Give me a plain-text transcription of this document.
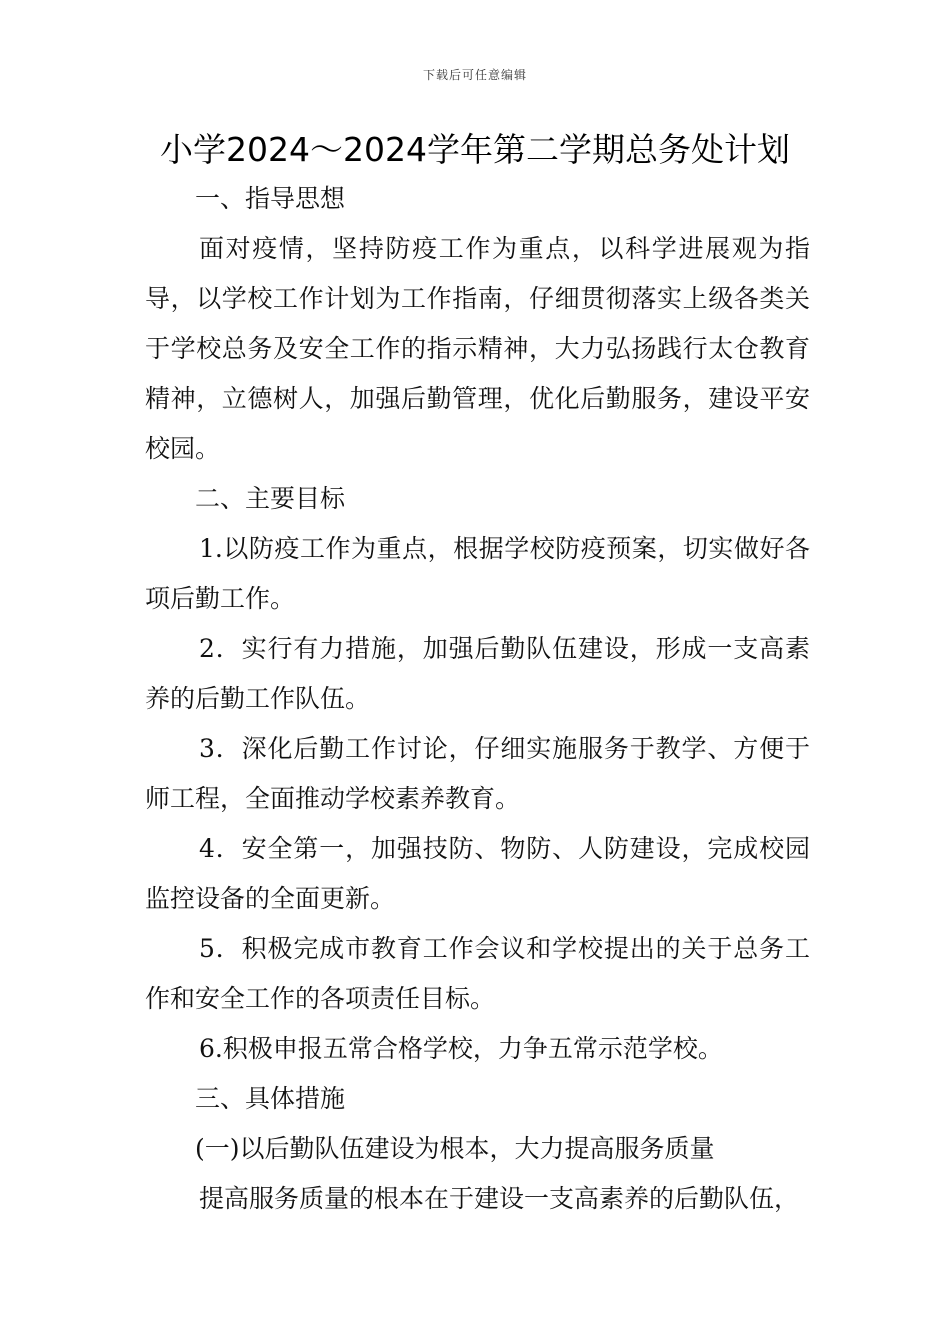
下载后可任意编辑
小学2024～2024学年第二学期总务处计划

一、指导思想

面对疫情，坚持防疫工作为重点，以科学进展观为指导，以学校工作计划为工作指南，仔细贯彻落实上级各类关于学校总务及安全工作的指示精神，大力弘扬践行太仓教育精神，立德树人，加强后勤管理，优化后勤服务，建设平安校园。

二、主要目标

1.以防疫工作为重点，根据学校防疫预案，切实做好各项后勤工作。

2．实行有力措施，加强后勤队伍建设，形成一支高素养的后勤工作队伍。

3．深化后勤工作讨论，仔细实施服务于教学、方便于师工程，全面推动学校素养教育。

4．安全第一，加强技防、物防、人防建设，完成校园监控设备的全面更新。

5．积极完成市教育工作会议和学校提出的关于总务工作和安全工作的各项责任目标。

6.积极申报五常合格学校，力争五常示范学校。

三、具体措施

(一)以后勤队伍建设为根本，大力提高服务质量

提高服务质量的根本在于建设一支高素养的后勤队伍，
